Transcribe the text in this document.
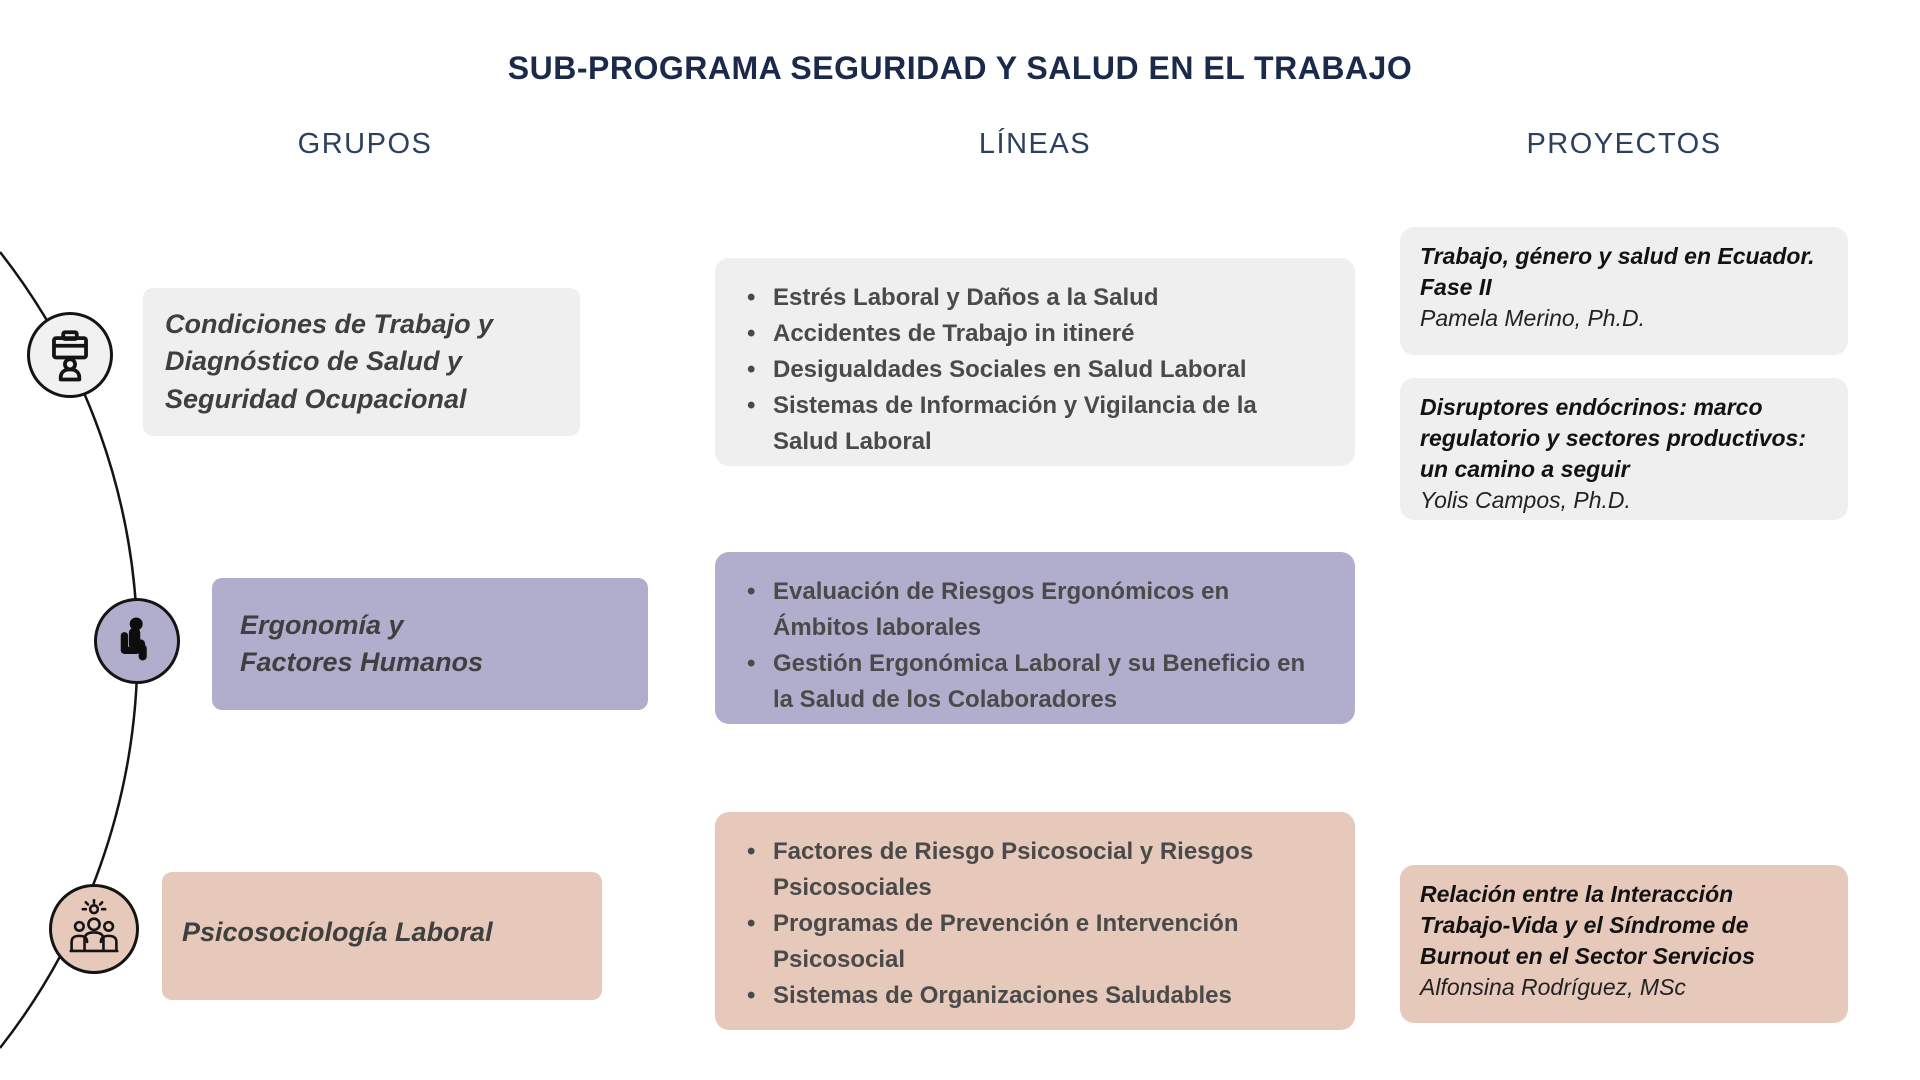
SUB-PROGRAMA SEGURIDAD Y SALUD EN EL TRABAJO
GRUPOS	LÍNEAS	PROYECTOS
Condiciones de Trabajo y Diagnóstico de Salud y Seguridad Ocupacional
Ergonomía y Factores Humanos
Psicosociología Laboral
• Estrés Laboral y Daños a la Salud
• Accidentes de Trabajo in itineré
• Desigualdades Sociales en Salud Laboral
• Sistemas de Información y Vigilancia de la Salud Laboral
• Evaluación de Riesgos Ergonómicos en Ámbitos laborales
• Gestión Ergonómica Laboral y su Beneficio en la Salud de los Colaboradores
• Factores de Riesgo Psicosocial y Riesgos Psicosociales
• Programas de Prevención e Intervención Psicosocial
• Sistemas de Organizaciones Saludables
Trabajo, género y salud en Ecuador. Fase II
Pamela Merino, Ph.D.
Disruptores endócrinos: marco regulatorio y sectores productivos: un camino a seguir
Yolis Campos, Ph.D.
Relación entre la Interacción Trabajo-Vida y el Síndrome de Burnout en el Sector Servicios
Alfonsina Rodríguez, MSc
